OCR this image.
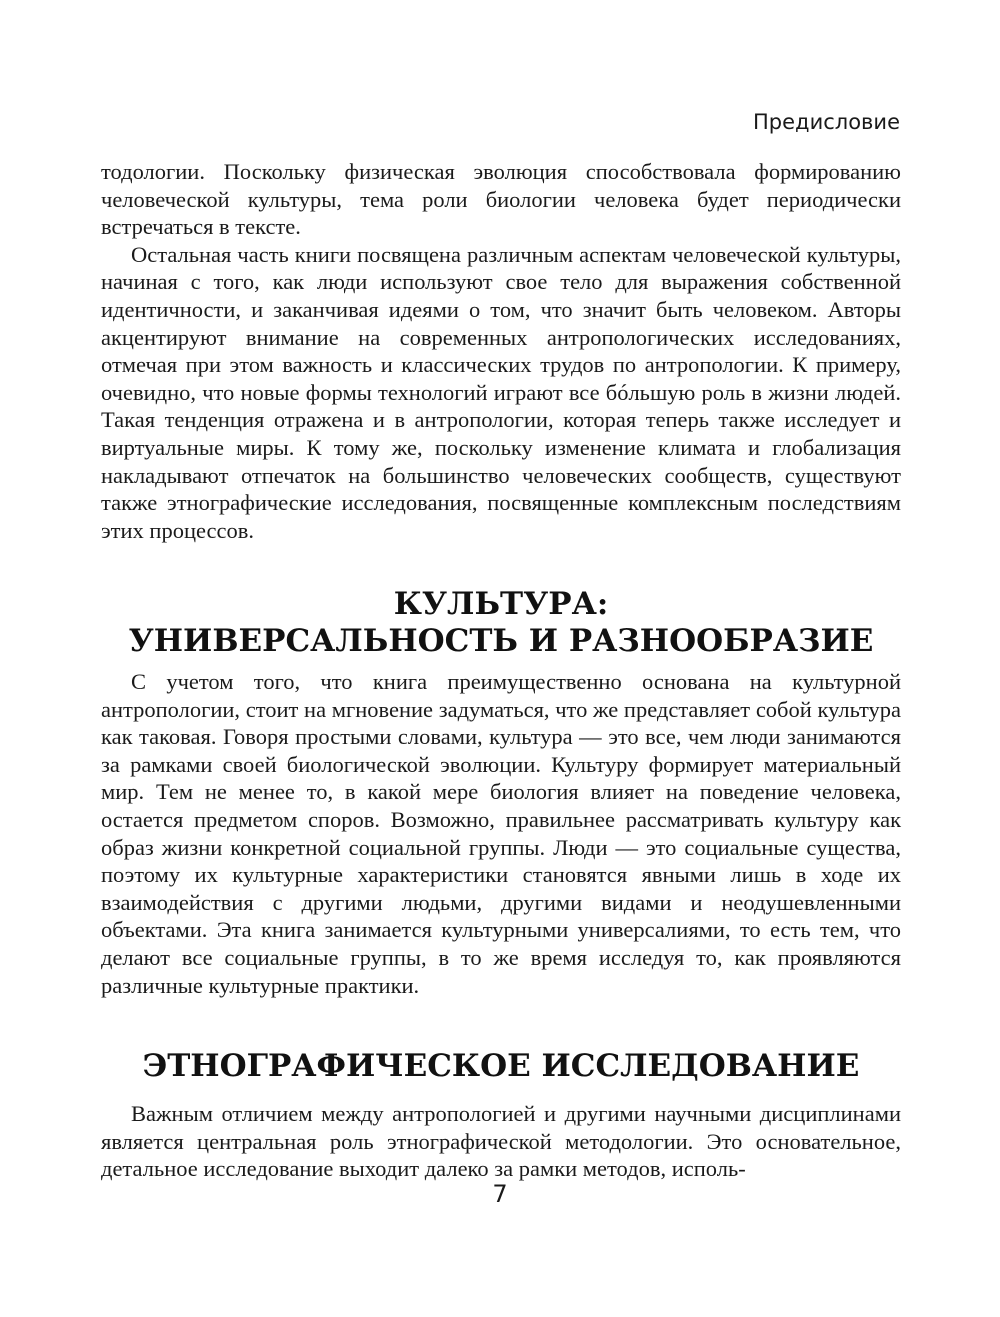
Предисловие

тодологии. Поскольку физическая эволюция способствовала формированию человеческой культуры, тема роли биологии человека будет периодически встречаться в тексте.

Остальная часть книги посвящена различным аспектам человеческой культуры, начиная с того, как люди используют свое тело для выражения собственной идентичности, и заканчивая идеями о том, что значит быть человеком. Авторы акцентируют внимание на современных антропологических исследованиях, отмечая при этом важность и классических трудов по антропологии. К примеру, очевидно, что новые формы технологий играют все бóльшую роль в жизни людей. Такая тенденция отражена и в антропологии, которая теперь также исследует и виртуальные миры. К тому же, поскольку изменение климата и глобализация накладывают отпечаток на большинство человеческих сообществ, существуют также этнографические исследования, посвященные комплексным последствиям этих процессов.

КУЛЬТУРА:
УНИВЕРСАЛЬНОСТЬ И РАЗНООБРАЗИЕ

С учетом того, что книга преимущественно основана на культурной антропологии, стоит на мгновение задуматься, что же представляет собой культура как таковая. Говоря простыми словами, культура — это все, чем люди занимаются за рамками своей биологической эволюции. Культуру формирует материальный мир. Тем не менее то, в какой мере биология влияет на поведение человека, остается предметом споров. Возможно, правильнее рассматривать культуру как образ жизни конкретной социальной группы. Люди — это социальные существа, поэтому их культурные характеристики становятся явными лишь в ходе их взаимодействия с другими людьми, другими видами и неодушевленными объектами. Эта книга занимается культурными универсалиями, то есть тем, что делают все социальные группы, в то же время исследуя то, как проявляются различные культурные практики.

ЭТНОГРАФИЧЕСКОЕ ИССЛЕДОВАНИЕ

Важным отличием между антропологией и другими научными дисциплинами является центральная роль этнографической методологии. Это основательное, детальное исследование выходит далеко за рамки методов, исполь-

7
